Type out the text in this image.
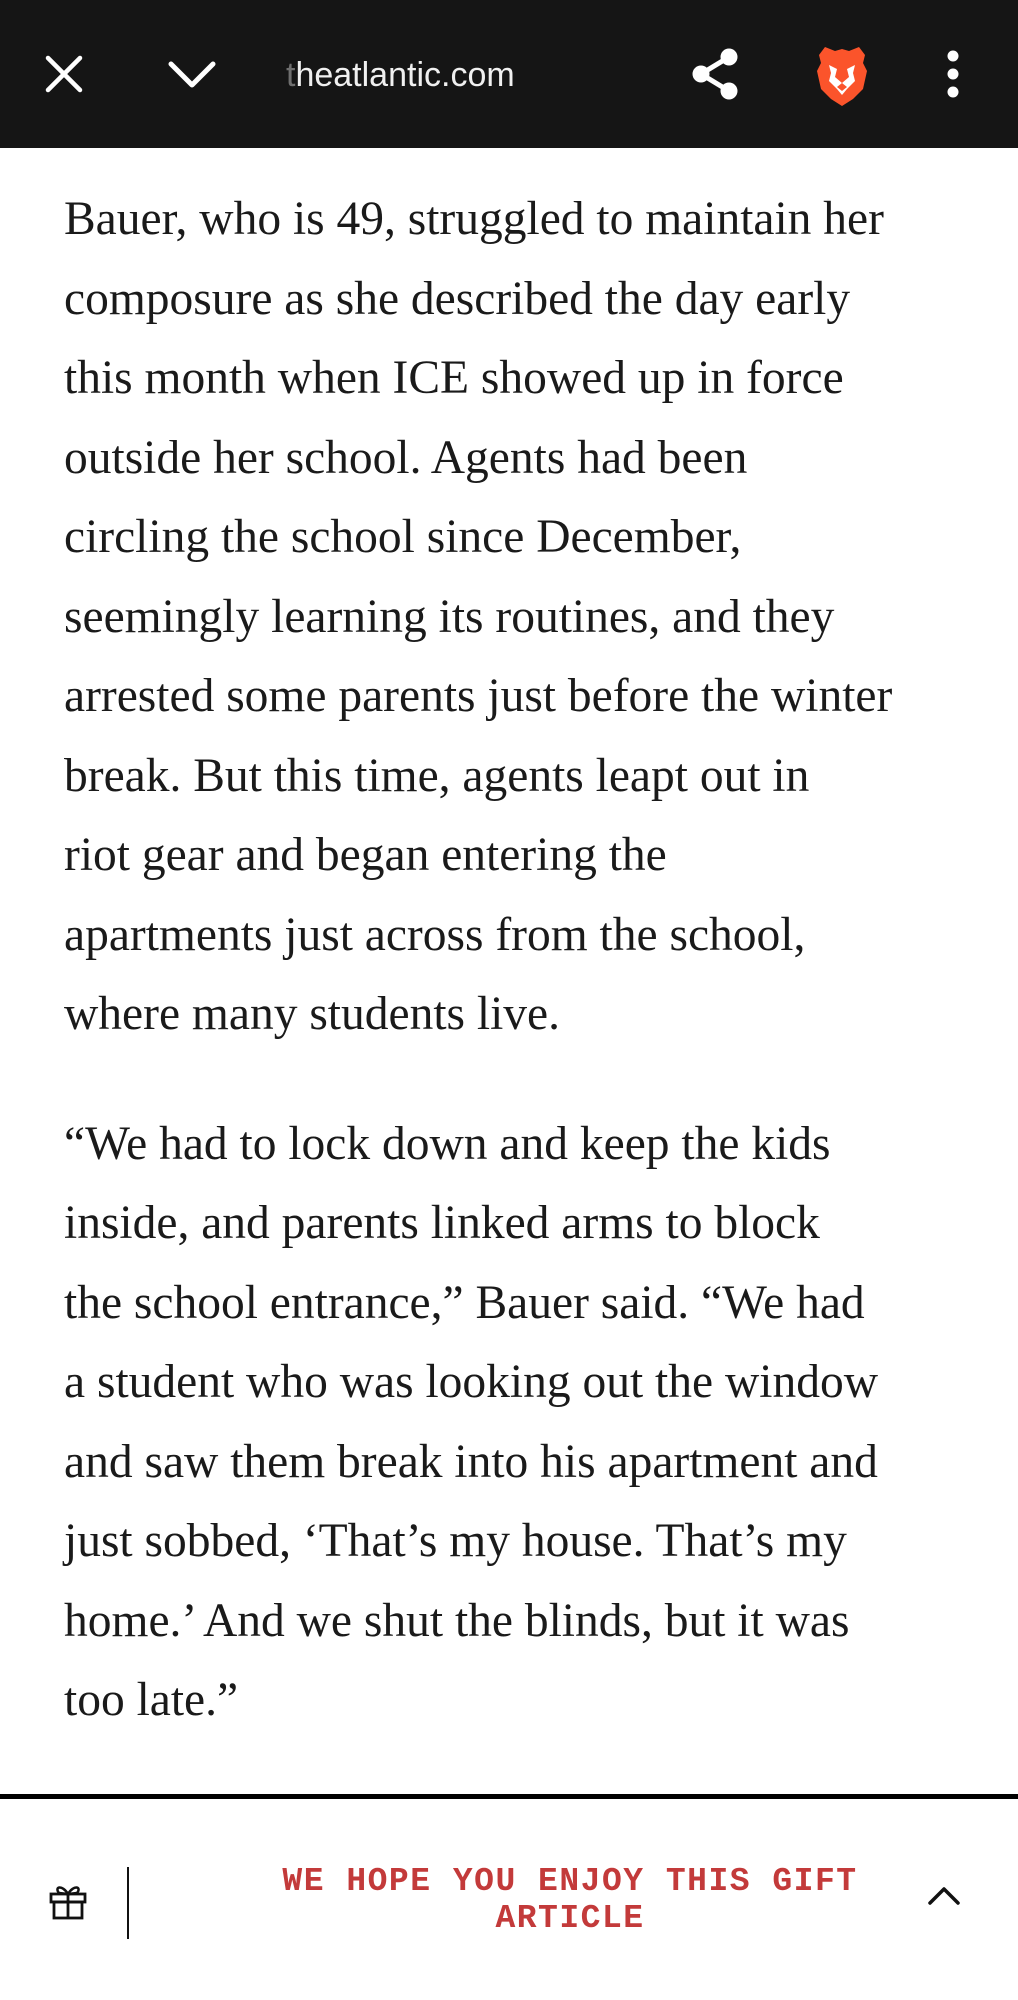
theatlantic.com

Bauer, who is 49, struggled to maintain her
composure as she described the day early
this month when ICE showed up in force
outside her school. Agents had been
circling the school since December,
seemingly learning its routines, and they
arrested some parents just before the winter
break. But this time, agents leapt out in
riot gear and began entering the
apartments just across from the school,
where many students live.

“We had to lock down and keep the kids
inside, and parents linked arms to block
the school entrance,” Bauer said. “We had
a student who was looking out the window
and saw them break into his apartment and
just sobbed, ‘That’s my house. That’s my
home.’ And we shut the blinds, but it was
too late.”

WE HOPE YOU ENJOY THIS GIFT
ARTICLE
